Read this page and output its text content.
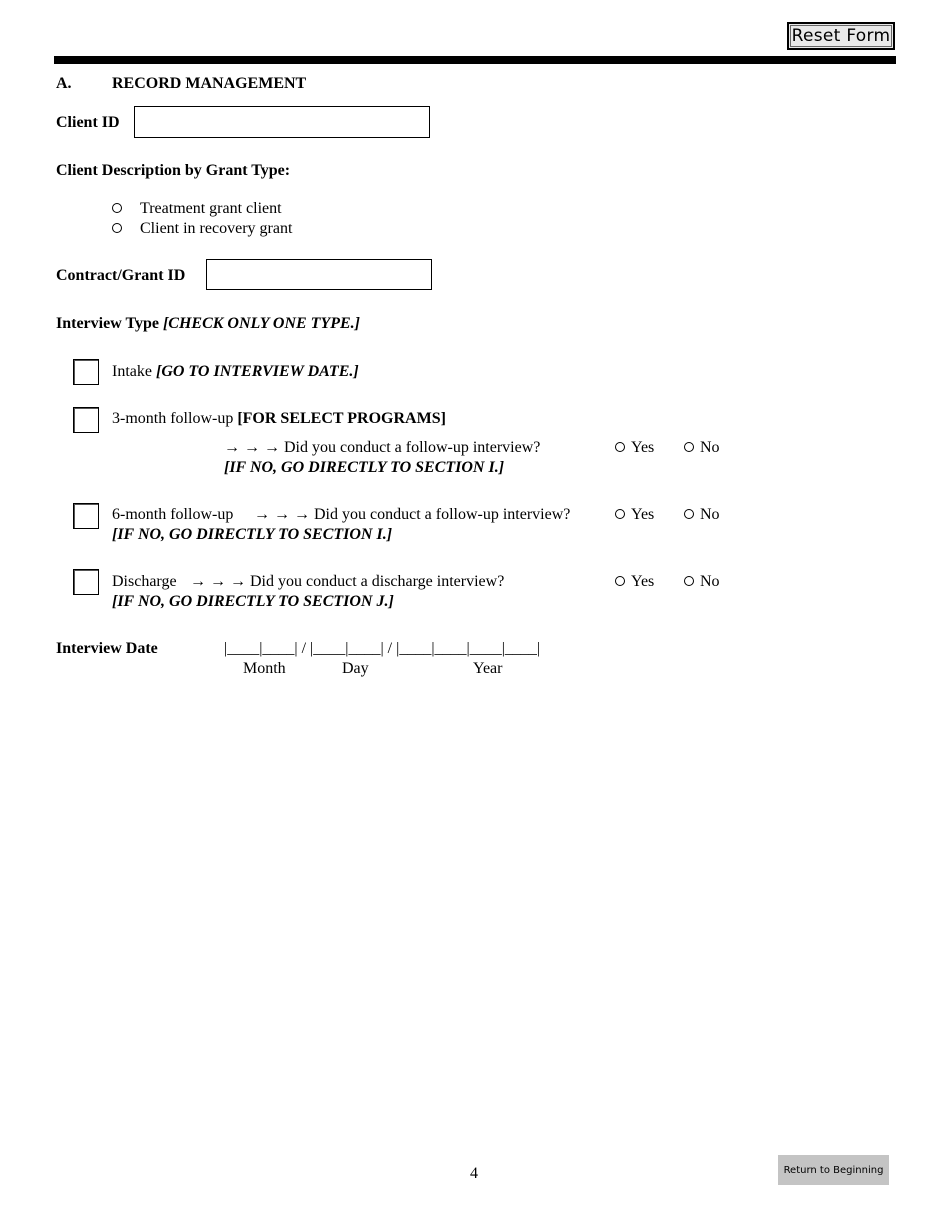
Reset Form
A.	RECORD MANAGEMENT
Client ID
Client Description by Grant Type:
Treatment grant client
Client in recovery grant
Contract/Grant ID
Interview Type [CHECK ONLY ONE TYPE.]
Intake [GO TO INTERVIEW DATE.]
3-month follow-up [FOR SELECT PROGRAMS]
→ → → Did you conduct a follow-up interview?
[IF NO, GO DIRECTLY TO SECTION I.]
Yes	No
6-month follow-up → → → Did you conduct a follow-up interview?
[IF NO, GO DIRECTLY TO SECTION I.]
Yes	No
Discharge → → → Did you conduct a discharge interview?
[IF NO, GO DIRECTLY TO SECTION J.]
Yes	No
Interview Date	|____|____| / |____|____| / |____|____|____|____|
Month	Day	Year
4	Return to Beginning
